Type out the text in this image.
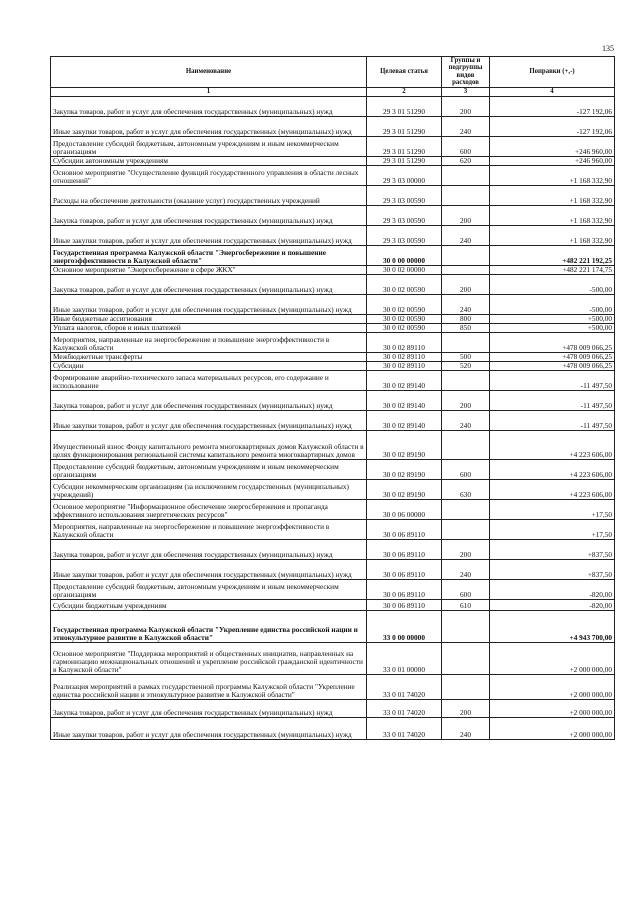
135
Наименование	Целевая статья	Группы и подгруппы видов расходов	Поправки (+,-)
1	2	3	4
Закупка товаров, работ и услуг для обеспечения государственных (муниципальных) нужд	29 3 01 51290	200	-127 192,06
Иные закупки товаров, работ и услуг для обеспечения государственных (муниципальных) нужд	29 3 01 51290	240	-127 192,06
Предоставление субсидий бюджетным, автономным учреждениям и иным некоммерческим организациям	29 3 01 51290	600	+246 960,00
Субсидии автономным учреждениям	29 3 01 51290	620	+246 960,00
Основное мероприятие "Осуществление функций государственного управления в области лесных отношений"	29 3 03 00000		+1 168 332,90
Расходы на обеспечение деятельности (оказание услуг) государственных учреждений	29 3 03 00590		+1 168 332,90
Закупка товаров, работ и услуг для обеспечения государственных (муниципальных) нужд	29 3 03 00590	200	+1 168 332,90
Иные закупки товаров, работ и услуг для обеспечения государственных (муниципальных) нужд	29 3 03 00590	240	+1 168 332,90
Государственная программа Калужской области "Энергосбережение и повышение энергоэффективности в Калужской области"	30 0 00 00000		+482 221 192,25
Основное мероприятие "Энергосбережение в сфере ЖКХ"	30 0 02 00000		+482 221 174,75
Закупка товаров, работ и услуг для обеспечения государственных (муниципальных) нужд	30 0 02 00590	200	-500,00
Иные закупки товаров, работ и услуг для обеспечения государственных (муниципальных) нужд	30 0 02 00590	240	-500,00
Иные бюджетные ассигнования	30 0 02 00590	800	+500,00
Уплата налогов, сборов и иных платежей	30 0 02 00590	850	+500,00
Мероприятия, направленные на энергосбережение и повышение энергоэффективности в Калужской области	30 0 02 89110		+478 009 066,25
Межбюджетные трансферты	30 0 02 89110	500	+478 009 066,25
Субсидии	30 0 02 89110	520	+478 009 066,25
Формирование аварийно-технического запаса материальных ресурсов, его содержание и использование	30 0 02 89140		-11 497,50
Закупка товаров, работ и услуг для обеспечения государственных (муниципальных) нужд	30 0 02 89140	200	-11 497,50
Иные закупки товаров, работ и услуг для обеспечения государственных (муниципальных) нужд	30 0 02 89140	240	-11 497,50
Имущественный взнос Фонду капитального ремонта многоквартирных домов Калужской области в целях функционирования региональной системы капитального ремонта многоквартирных домов	30 0 02 89190		+4 223 606,00
Предоставление субсидий бюджетным, автономным учреждениям и иным некоммерческим организациям	30 0 02 89190	600	+4 223 606,00
Субсидии некоммерческим организациям (за исключением государственных (муниципальных) учреждений)	30 0 02 89190	630	+4 223 606,00
Основное мероприятие "Информационное обеспечение энергосбережения и пропаганда эффективного использования энергетических ресурсов"	30 0 06 00000		+17,50
Мероприятия, направленные на энергосбережение и повышение энергоэффективности в Калужской области	30 0 06 89110		+17,50
Закупка товаров, работ и услуг для обеспечения государственных (муниципальных) нужд	30 0 06 89110	200	+837,50
Иные закупки товаров, работ и услуг для обеспечения государственных (муниципальных) нужд	30 0 06 89110	240	+837,50
Предоставление субсидий бюджетным, автономным учреждениям и иным некоммерческим организациям	30 0 06 89110	600	-820,00
Субсидии бюджетным учреждениям	30 0 06 89110	610	-820,00
Государственная программа Калужской области "Укрепление единства российской нации и этнокультурное развитие в Калужской области"	33 0 00 00000		+4 943 700,00
Основное мероприятие "Поддержка мероприятий и общественных инициатив, направленных на гармонизацию межнациональных отношений и укрепление российской гражданской идентичности в Калужской области"	33 0 01 00000		+2 000 000,00
Реализация мероприятий в рамках государственной программы Калужской области "Укрепление единства российской нации и этнокультурное развитие в Калужской области"	33 0 01 74020		+2 000 000,00
Закупка товаров, работ и услуг для обеспечения государственных (муниципальных) нужд	33 0 01 74020	200	+2 000 000,00
Иные закупки товаров, работ и услуг для обеспечения государственных (муниципальных) нужд	33 0 01 74020	240	+2 000 000,00
